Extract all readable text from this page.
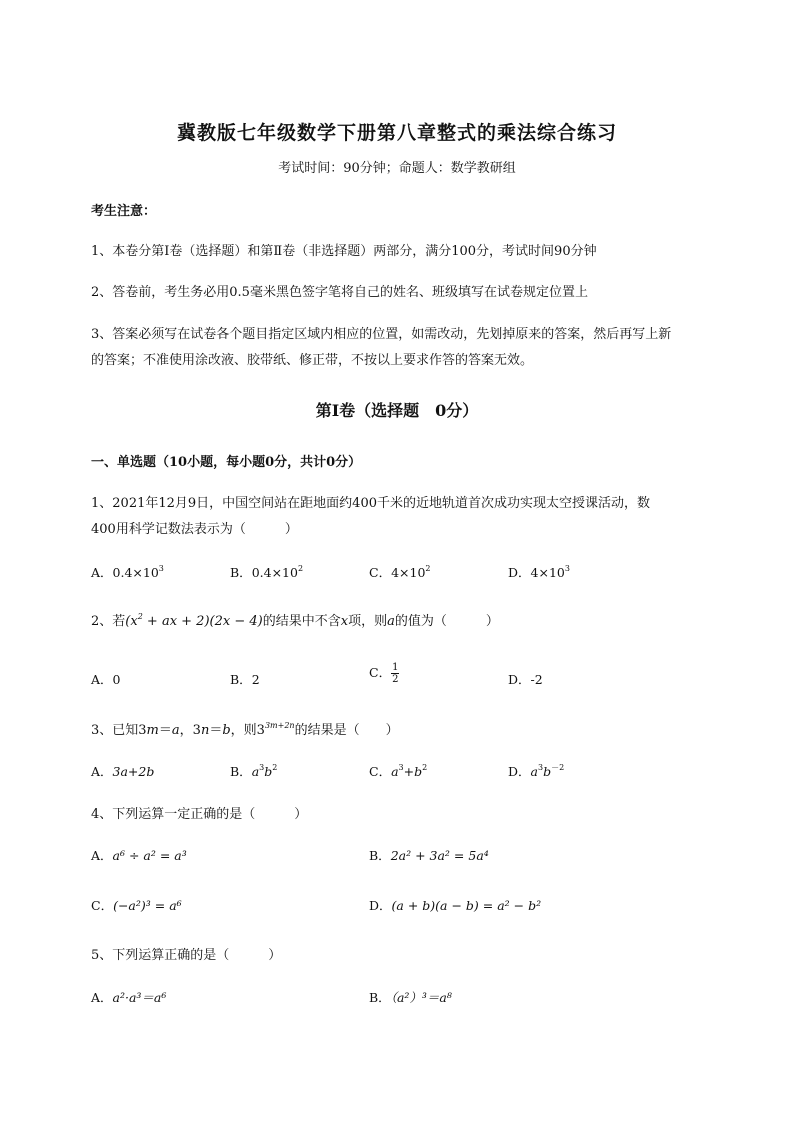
冀教版七年级数学下册第八章整式的乘法综合练习
考试时间：90分钟；命题人：数学教研组
考生注意：
1、本卷分第I卷（选择题）和第Ⅱ卷（非选择题）两部分，满分100分，考试时间90分钟
2、答卷前，考生务必用0.5毫米黑色签字笔将自己的姓名、班级填写在试卷规定位置上
3、答案必须写在试卷各个题目指定区域内相应的位置，如需改动，先划掉原来的答案，然后再写上新
的答案；不准使用涂改液、胶带纸、修正带，不按以上要求作答的答案无效。
第I卷（选择题　0分）
一、单选题（10小题，每小题0分，共计0分）
1、2021年12月9日，中国空间站在距地面约400千米的近地轨道首次成功实现太空授课活动，数
400用科学记数法表示为（　　　）
A．$0.4\times 10^3$	B．$0.4\times 10^2$	C．$4\times 10^2$	D．$4\times 10^3$
2、若($x^2$ + ax + 2)(2x − 4)的结果中不含x项，则a的值为（　　　）
A．0	B．2	C． $\frac{1}{2}$	D．-2
3、已知3m＝a，3n＝b，则$3^{3m+2n}$的结果是（　　）
A．3a+2b	B．$a^3b^2$	C．$a^3+b^2$	D．$a^3b^{-2}$
4、下列运算一定正确的是（　　　）
A．a⁶ ÷ a² = a³	B．2a² + 3a² = 5a⁴
C．(−a²)³ = a⁶	D．(a + b)(a − b) = a² − b²
5、下列运算正确的是（　　　）
A．a²·a³＝a⁶	B．（a²）³＝a⁸
